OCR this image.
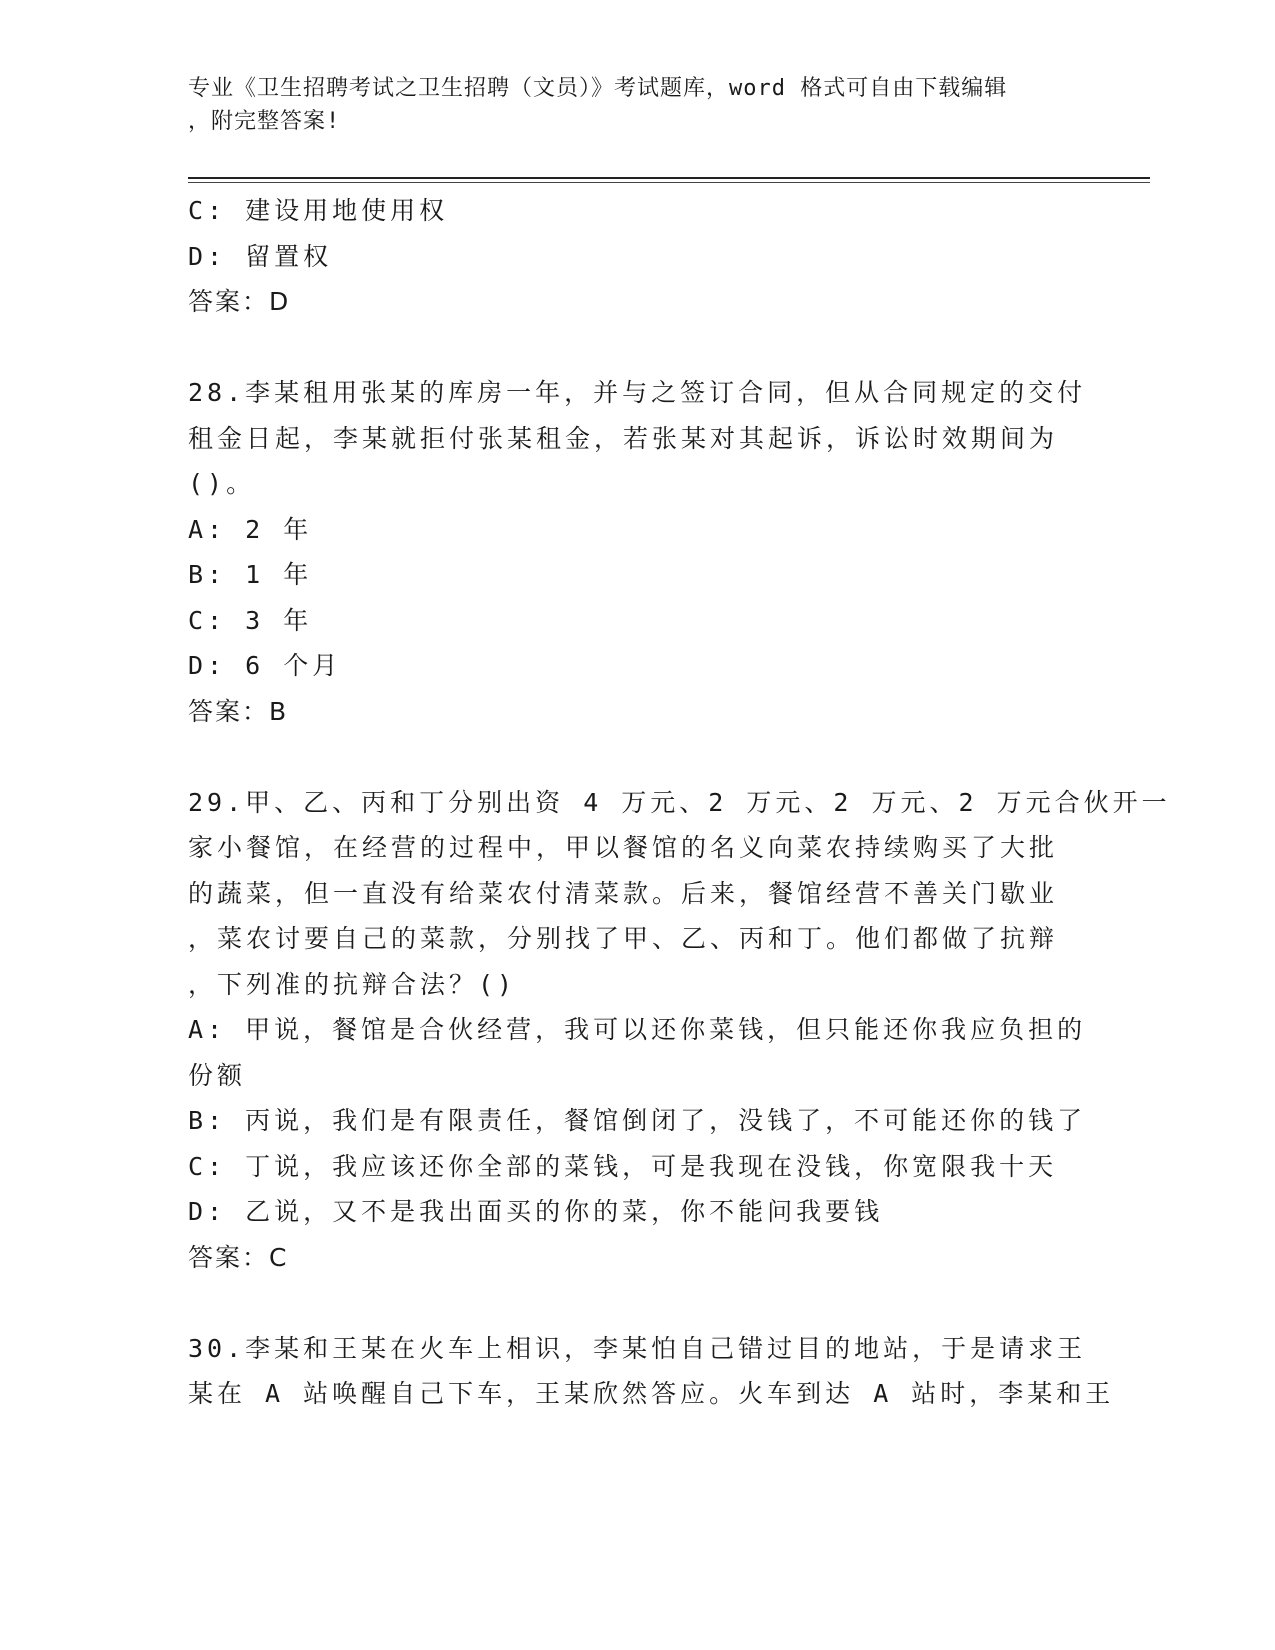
专业《卫生招聘考试之卫生招聘（文员）》考试题库，word 格式可自由下载编辑
，附完整答案!
C: 建设用地使用权
D: 留置权
答案：D
28.李某租用张某的库房一年，并与之签订合同，但从合同规定的交付
租金日起，李某就拒付张某租金，若张某对其起诉，诉讼时效期间为
()。
A: 2 年
B: 1 年
C: 3 年
D: 6 个月
答案：B
29.甲、乙、丙和丁分别出资 4 万元、2 万元、2 万元、2 万元合伙开一
家小餐馆，在经营的过程中，甲以餐馆的名义向菜农持续购买了大批
的蔬菜，但一直没有给菜农付清菜款。后来，餐馆经营不善关门歇业
，菜农讨要自己的菜款，分别找了甲、乙、丙和丁。他们都做了抗辩
，下列准的抗辩合法？()
A: 甲说，餐馆是合伙经营，我可以还你菜钱，但只能还你我应负担的
份额
B: 丙说，我们是有限责任，餐馆倒闭了，没钱了，不可能还你的钱了
C: 丁说，我应该还你全部的菜钱，可是我现在没钱，你宽限我十天
D: 乙说，又不是我出面买的你的菜，你不能问我要钱
答案：C
30.李某和王某在火车上相识，李某怕自己错过目的地站，于是请求王
某在 A 站唤醒自己下车，王某欣然答应。火车到达 A 站时，李某和王
